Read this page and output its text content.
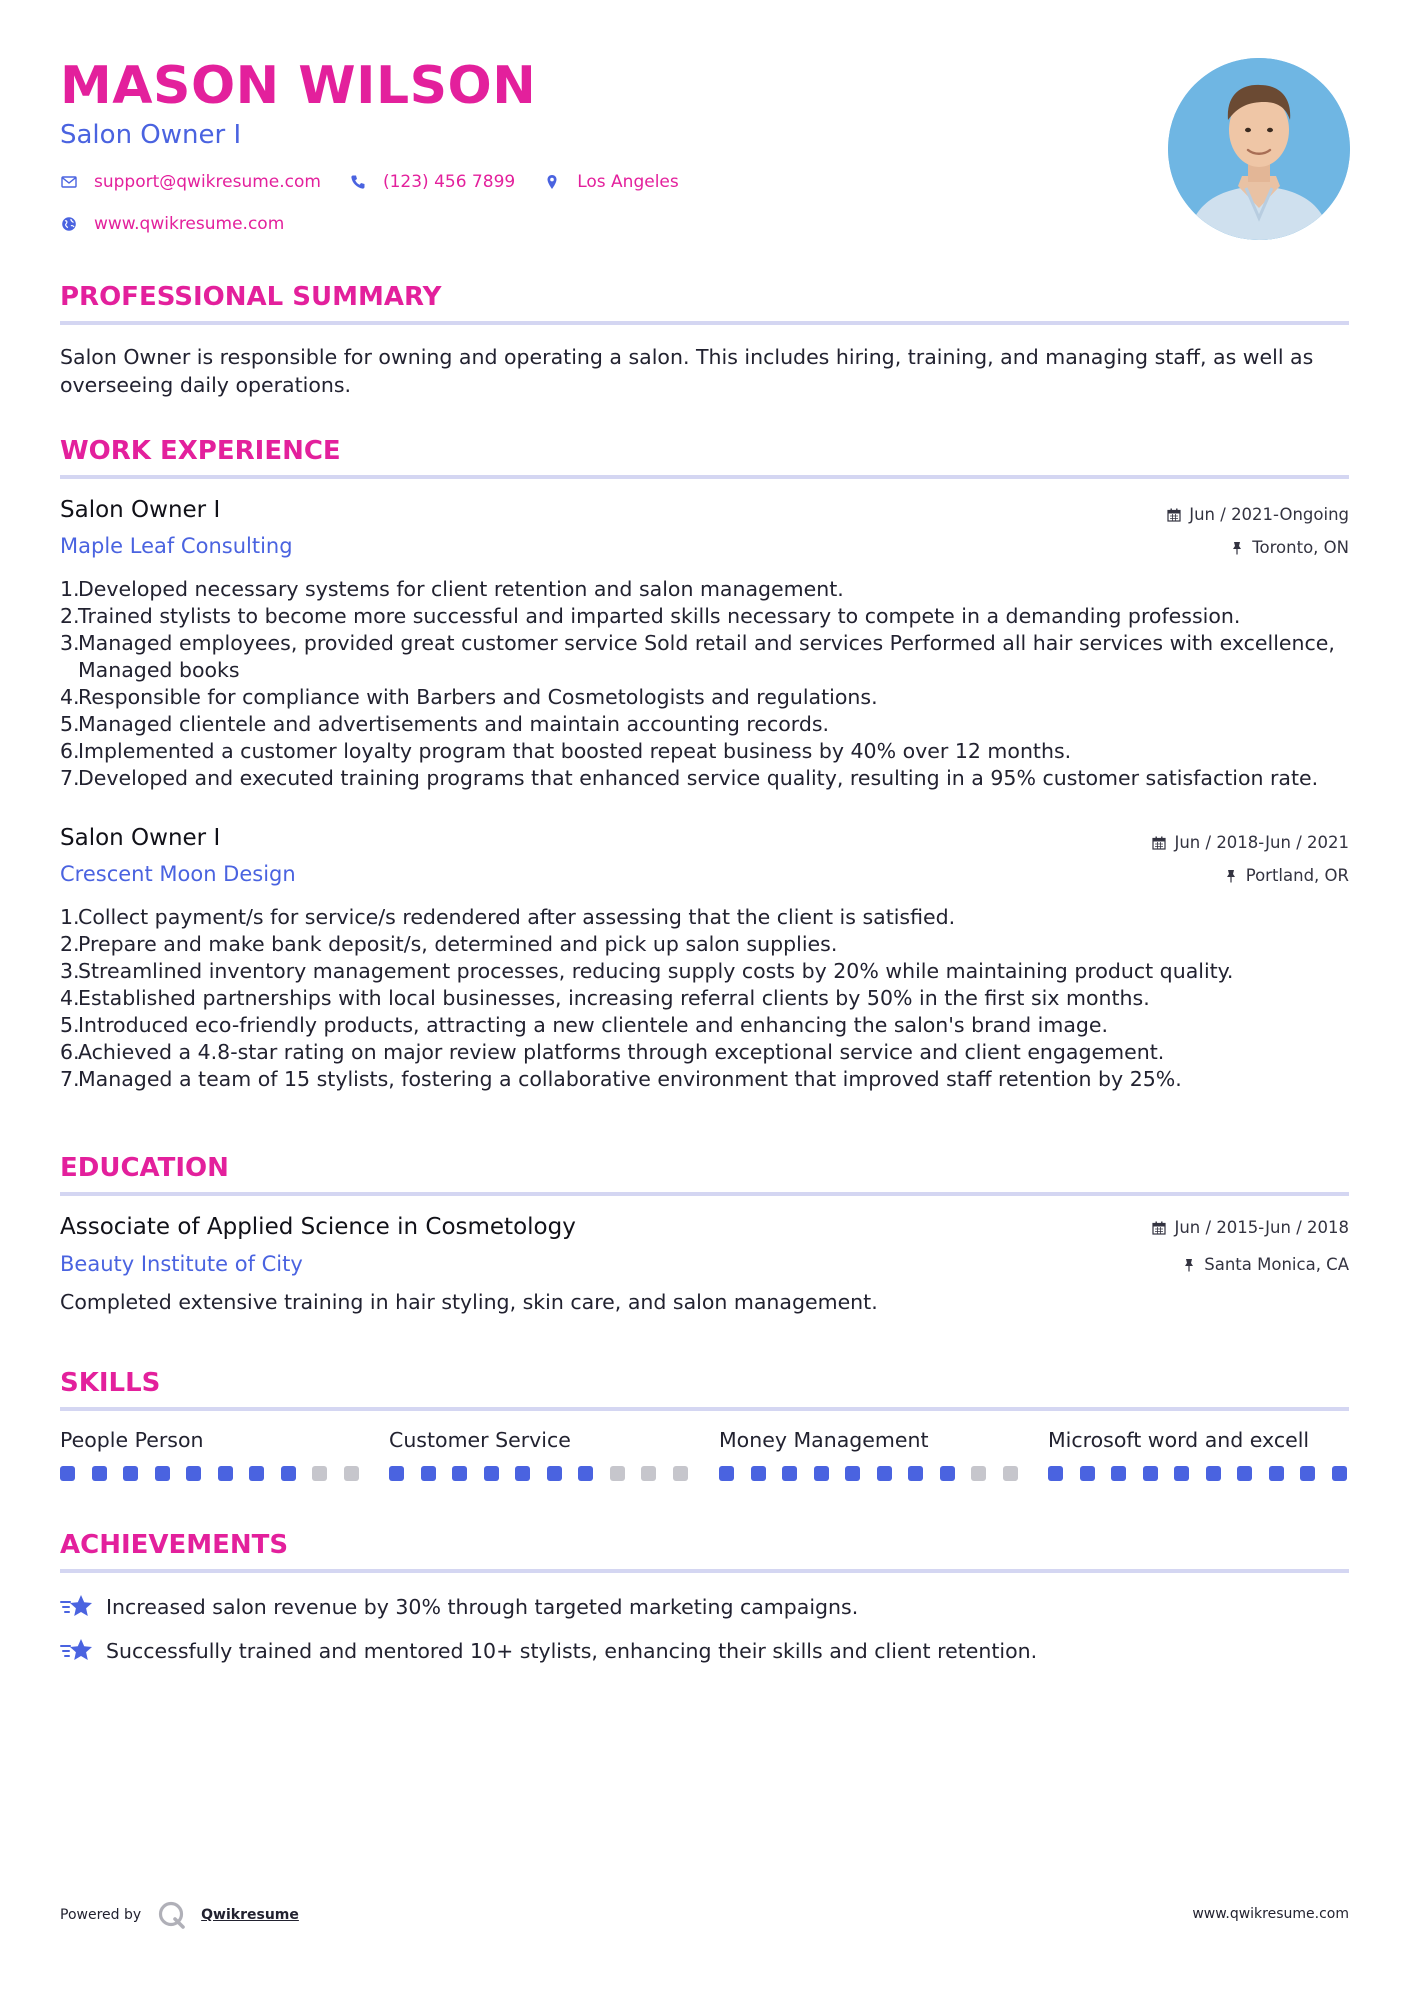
MASON WILSON
Salon Owner I
support@qwikresume.com	(123) 456 7899	Los Angeles
www.qwikresume.com
PROFESSIONAL SUMMARY
Salon Owner is responsible for owning and operating a salon. This includes hiring, training, and managing staff, as well as overseeing daily operations.
WORK EXPERIENCE
Salon Owner I	Jun / 2021-Ongoing
Maple Leaf Consulting	Toronto, ON
1.
Developed necessary systems for client retention and salon management.
2.
Trained stylists to become more successful and imparted skills necessary to compete in a demanding profession.
3.
Managed employees, provided great customer service Sold retail and services Performed all hair services with excellence, Managed books
4.
Responsible for compliance with Barbers and Cosmetologists and regulations.
5.
Managed clientele and advertisements and maintain accounting records.
6.
Implemented a customer loyalty program that boosted repeat business by 40% over 12 months.
7.
Developed and executed training programs that enhanced service quality, resulting in a 95% customer satisfaction rate.
Salon Owner I	Jun / 2018-Jun / 2021
Crescent Moon Design	Portland, OR
1.
Collect payment/s for service/s redendered after assessing that the client is satisfied.
2.
Prepare and make bank deposit/s, determined and pick up salon supplies.
3.
Streamlined inventory management processes, reducing supply costs by 20% while maintaining product quality.
4.
Established partnerships with local businesses, increasing referral clients by 50% in the first six months.
5.
Introduced eco-friendly products, attracting a new clientele and enhancing the salon's brand image.
6.
Achieved a 4.8-star rating on major review platforms through exceptional service and client engagement.
7.
Managed a team of 15 stylists, fostering a collaborative environment that improved staff retention by 25%.
EDUCATION
Associate of Applied Science in Cosmetology	Jun / 2015-Jun / 2018
Beauty Institute of City	Santa Monica, CA
Completed extensive training in hair styling, skin care, and salon management.
SKILLS
People Person	Customer Service	Money Management	Microsoft word and excell
ACHIEVEMENTS
Increased salon revenue by 30% through targeted marketing campaigns.
Successfully trained and mentored 10+ stylists, enhancing their skills and client retention.
Powered by	Qwikresume	www.qwikresume.com
